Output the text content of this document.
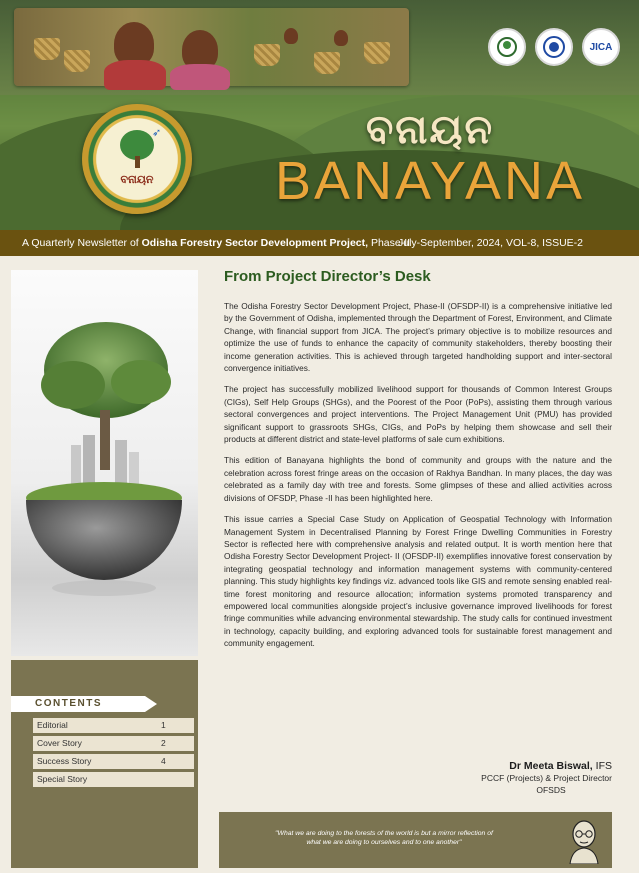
JICA
➶
ବନାୟନ
ବନାୟନ
BANAYANA
A Quarterly Newsletter of Odisha Forestry Sector Development Project, Phase-II
July-September, 2024, VOL-8, ISSUE-2
CONTENTS
Editorial	1
Cover Story	2
Success Story	4
Special Story
From Project Director’s Desk

The Odisha Forestry Sector Development Project, Phase-II (OFSDP-II) is a comprehensive initiative led by the Government of Odisha, implemented through the Department of Forest, Environment, and Climate Change, with financial support from JICA. The project’s primary objective is to mobilize resources and optimize the use of funds to enhance the capacity of community stakeholders, thereby boosting their income generation activities. This is achieved through targeted handholding support and inter-sectoral convergence initiatives.

The project has successfully mobilized livelihood support for thousands of Common Interest Groups (CIGs), Self Help Groups (SHGs), and the Poorest of the Poor (PoPs), assisting them through various sectoral convergences and project interventions. The Project Management Unit (PMU) has provided significant support to grassroots SHGs, CIGs, and PoPs by helping them showcase and sell their products at different district and state-level platforms of sale cum exhibitions.

This edition of Banayana highlights the bond of community and groups with the nature and the celebration across forest fringe areas on the occasion of Rakhya Bandhan. In many places, the day was celebrated as a family day with tree and forests. Some glimpses of these and allied activities across divisions of OFSDP, Phase -II has been highlighted here.

This issue carries a Special Case Study on Application of Geospatial Technology with Information Management System in Decentralised Planning by Forest Fringe Dwelling Communities in Forestry Sector is reflected here with comprehensive analysis and related output. It is worth mention here that Odisha Forestry Sector Development Project- II (OFSDP-II) exemplifies innovative forest conservation by integrating geospatial technology and information management systems with community-centered planning. This study highlights key findings viz. advanced tools like GIS and remote sensing enabled real-time forest monitoring and resource allocation; information systems promoted transparency and empowered local communities alongside project’s inclusive governance improved livelihoods for forest fringe communities while advancing environmental stewardship. The study calls for continued investment in technology, capacity building, and exploring advanced tools for sustainable forest management and community engagement.

Dr Meeta Biswal, IFS
PCCF (Projects) & Project Director
OFSDS
"What we are doing to the forests of the world is but a mirror reflection of
what we are doing to ourselves and to one another"
